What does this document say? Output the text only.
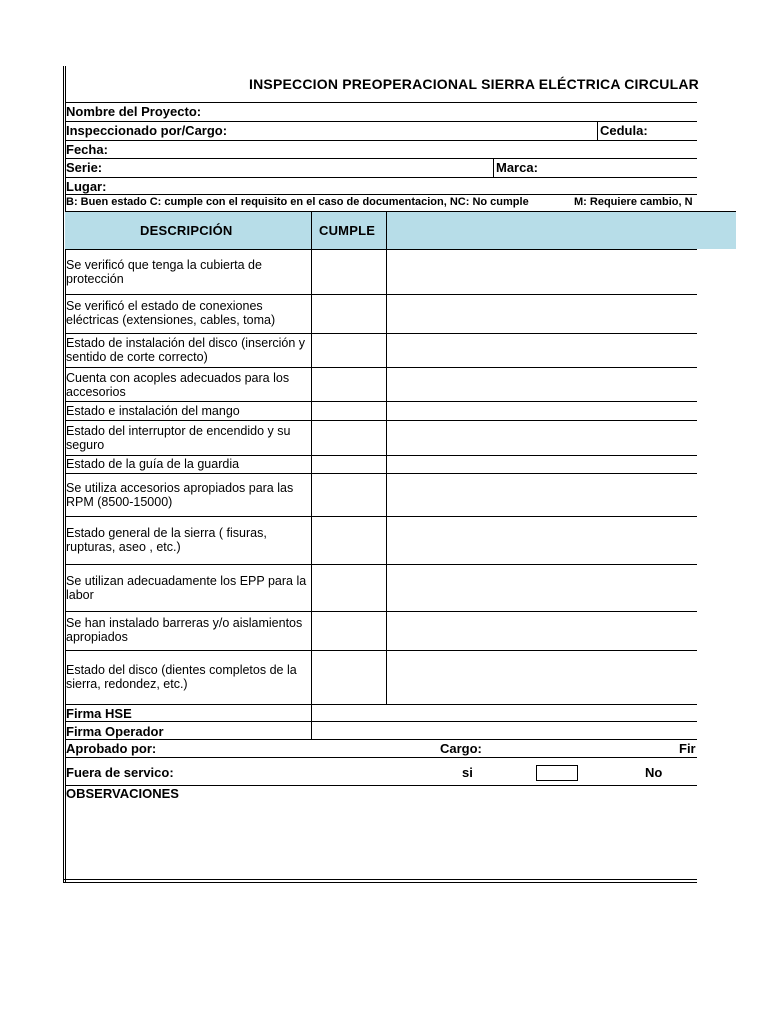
INSPECCION PREOPERACIONAL SIERRA ELÉCTRICA CIRCULAR
Nombre del Proyecto:
Inspeccionado por/Cargo:	Cedula:
Fecha:
Serie:	Marca:
Lugar:
B: Buen estado C: cumple con el requisito en el caso de documentacion, NC: No cumple	M: Requiere cambio, N
DESCRIPCIÓN	CUMPLE
Se verificó que tenga la cubierta de protección
Se verificó el estado de conexiones eléctricas (extensiones, cables, toma)
Estado de instalación del disco (inserción y sentido de corte correcto)
Cuenta con acoples adecuados para los accesorios
Estado e instalación del mango
Estado del interruptor de encendido y su seguro
Estado de la guía de la guardia
Se utiliza accesorios apropiados para las RPM (8500-15000)
Estado general de la sierra ( fisuras, rupturas, aseo , etc.)
Se utilizan adecuadamente los EPP para la labor
Se han instalado barreras y/o aislamientos apropiados
Estado del disco (dientes completos de la sierra, redondez, etc.)
Firma HSE
Firma Operador
Aprobado por:	Cargo:	Fir
Fuera de servico:	si	No
OBSERVACIONES
